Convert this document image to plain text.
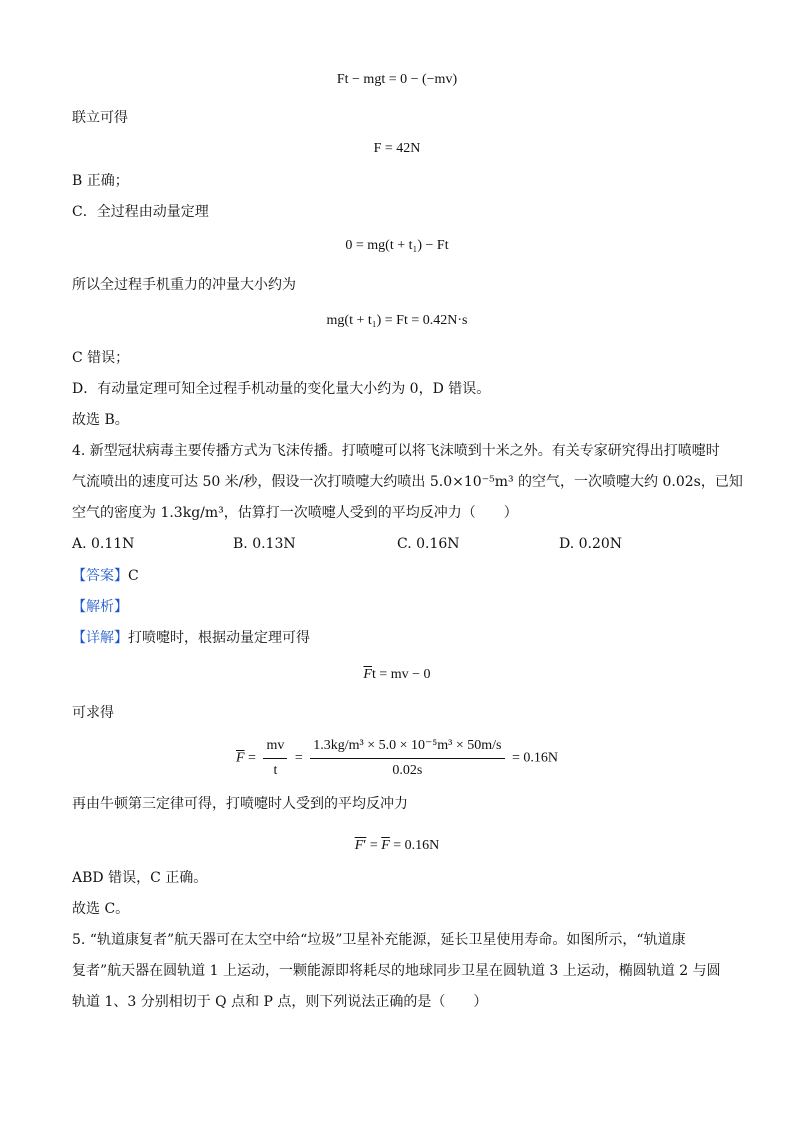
Ft − mgt = 0 − (−mv)
联立可得
F = 42N
B 正确；
C．全过程由动量定理
0 = mg(t + t₁) − Ft
所以全过程手机重力的冲量大小约为
mg(t + t₁) = Ft = 0.42N·s
C 错误；
D．有动量定理可知全过程手机动量的变化量大小约为 0，D 错误。
故选 B。
4. 新型冠状病毒主要传播方式为飞沫传播。打喷嚏可以将飞沫喷到十米之外。有关专家研究得出打喷嚏时
气流喷出的速度可达 50 米/秒，假设一次打喷嚏大约喷出 5.0×10⁻⁵m³ 的空气，一次喷嚏大约 0.02s，已知
空气的密度为 1.3kg/m³，估算打一次喷嚏人受到的平均反冲力（　　）
A. 0.11N	B. 0.13N	C. 0.16N	D. 0.20N
【答案】C
【解析】
【详解】打喷嚏时，根据动量定理可得
$\overline{F}t$ = mv − 0
可求得
$\overline{F} = \frac{mv}{t} = \frac{\text{1.3kg/m³ × 5.0 × 10⁻⁵m³ × 50m/s}}{0.02s} = 0.16N$
再由牛顿第三定律可得，打喷嚏时人受到的平均反冲力
$F' = \overline{F} = 0.16N$
ABD 错误，C 正确。
故选 C。
5. “轨道康复者”航天器可在太空中给“垃圾”卫星补充能源，延长卫星使用寿命。如图所示，“轨道康
复者”航天器在圆轨道 1 上运动，一颗能源即将耗尽的地球同步卫星在圆轨道 3 上运动，椭圆轨道 2 与圆
轨道 1、3 分别相切于 Q 点和 P 点，则下列说法正确的是（　　）
